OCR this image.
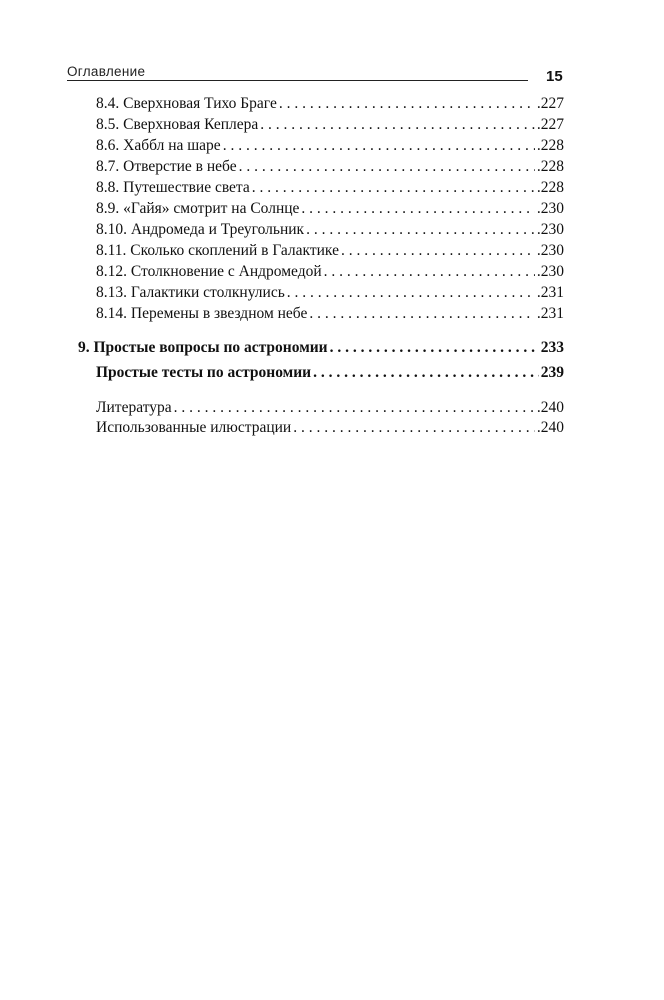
Оглавление	15
8.4. Сверхновая Тихо Браге . . .	.227
8.5. Сверхновая Кеплера . . .	.227
8.6. Хаббл на шаре . . .	.228
8.7. Отверстие в небе . . .	.228
8.8. Путешествие света . . .	.228
8.9. «Гайя» смотрит на Солнце . . .	.230
8.10. Андромеда и Треугольник . . .	.230
8.11. Сколько скоплений в Галактике . . .	.230
8.12. Столкновение с Андромедой . . .	.230
8.13. Галактики столкнулись . . .	.231
8.14. Перемены в звездном небе . . .	.231
9. Простые вопросы по астрономии . . .	233
Простые тесты по астрономии . . .	239
Литература . . .	.240
Использованные илюстрации . . .	.240
